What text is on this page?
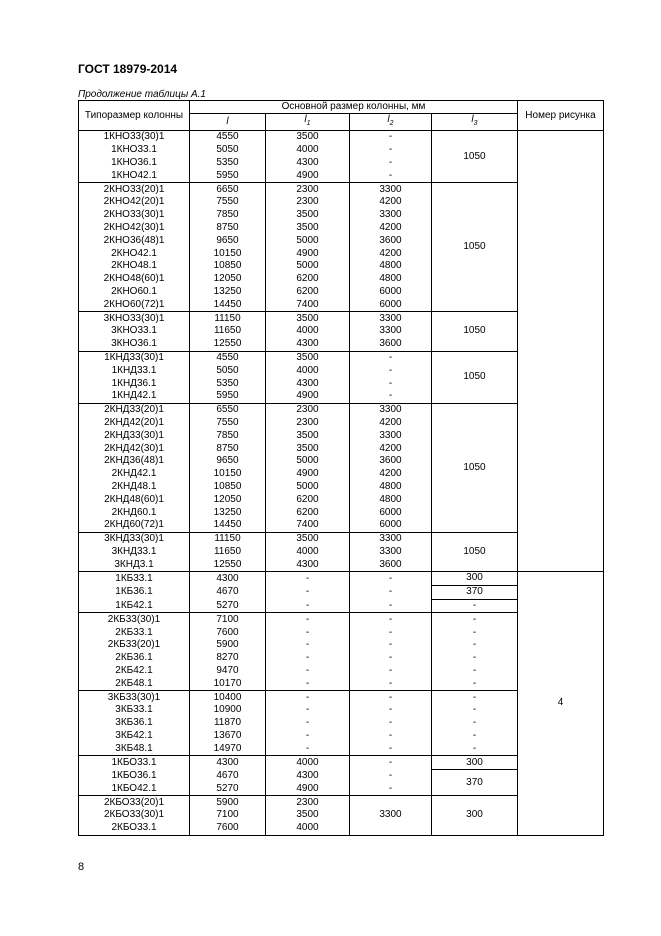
ГОСТ 18979-2014
Продолжение таблицы А.1
Типоразмер колонны	Основной размер колонны, мм				Номер рисунка
	l	$l_1$	$l_2$	$l_3$
1КНО33(30)1	4550	3500	-	1050	
1КНО33.1	5050	4000	-		
1КНО36.1	5350	4300	-		
1КНО42.1	5950	4900	-		
2КНО33(20)1	6650	2300	3300	1050	
2КНО42(20)1	7550	2300	4200		
2КНО33(30)1	7850	3500	3300		
2КНО42(30)1	8750	3500	4200		
2КНО36(48)1	9650	5000	3600		
2КНО42.1	10150	4900	4200		
2КНО48.1	10850	5000	4800		
2КНО48(60)1	12050	6200	4800		
2КНО60.1	13250	6200	6000		
2КНО60(72)1	14450	7400	6000		
3КНО33(30)1	11150	3500	3300	1050	
3КНО33.1	11650	4000	3300		
3КНО36.1	12550	4300	3600		
1КНД33(30)1	4550	3500	-	1050	
1КНД33.1	5050	4000	-		
1КНД36.1	5350	4300	-		
1КНД42.1	5950	4900	-		
2КНД33(20)1	6550	2300	3300	1050	
2КНД42(20)1	7550	2300	4200		
2КНД33(30)1	7850	3500	3300		
2КНД42(30)1	8750	3500	4200		
2КНД36(48)1	9650	5000	3600		
2КНД42.1	10150	4900	4200		
2КНД48.1	10850	5000	4800		
2КНД48(60)1	12050	6200	4800		
2КНД60.1	13250	6200	6000		
2КНД60(72)1	14450	7400	6000		
3КНД33(30)1	11150	3500	3300	1050	
3КНД33.1	11650	4000	3300		
3КНД3.1	12550	4300	3600		
1КБ33.1	4300	-	-	300	4
1КБ36.1	4670	-	-	370	
1КБ42.1	5270	-	-	-	
2КБ33(30)1	7100	-	-	-	
2КБ33.1	7600	-	-	-	
2КБ33(20)1	5900	-	-	-	
2КБ36.1	8270	-	-	-	
2КБ42.1	9470	-	-	-	
2КБ48.1	10170	-	-	-	
3КБ33(30)1	10400	-	-	-	
3КБ33.1	10900	-	-	-	
3КБ36.1	11870	-	-	-	
3КБ42.1	13670	-	-	-	
3КБ48.1	14970	-	-	-	
1КБО33.1	4300	4000	-	300	
1КБО36.1	4670	4300	-	370	
1КБО42.1	5270	4900	-		
2КБО33(20)1	5900	2300	3300	300	
2КБО33(30)1	7100	3500			
2КБО33.1	7600	4000			
8
